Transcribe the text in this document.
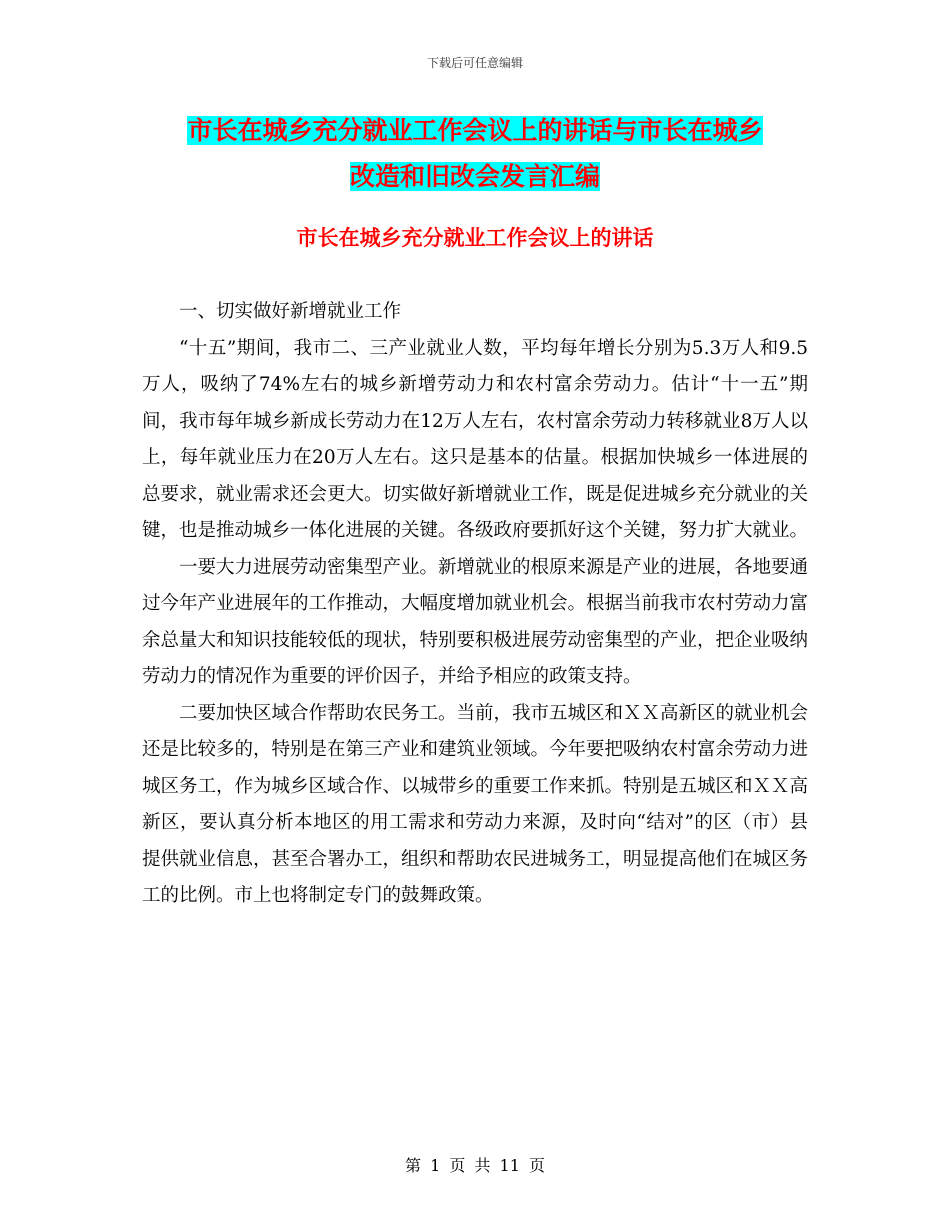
下载后可任意编辑
市长在城乡充分就业工作会议上的讲话与市长在城乡
改造和旧改会发言汇编
市长在城乡充分就业工作会议上的讲话

一、切实做好新增就业工作

“十五”期间，我市二、三产业就业人数，平均每年增长分别为5.3万人和9.5万人，吸纳了74%左右的城乡新增劳动力和农村富余劳动力。估计“十一五”期间，我市每年城乡新成长劳动力在12万人左右，农村富余劳动力转移就业8万人以上，每年就业压力在20万人左右。这只是基本的估量。根据加快城乡一体进展的总要求，就业需求还会更大。切实做好新增就业工作，既是促进城乡充分就业的关键，也是推动城乡一体化进展的关键。各级政府要抓好这个关键，努力扩大就业。

一要大力进展劳动密集型产业。新增就业的根原来源是产业的进展，各地要通过今年产业进展年的工作推动，大幅度增加就业机会。根据当前我市农村劳动力富余总量大和知识技能较低的现状，特别要积极进展劳动密集型的产业，把企业吸纳劳动力的情况作为重要的评价因子，并给予相应的政策支持。

二要加快区域合作帮助农民务工。当前，我市五城区和ＸＸ高新区的就业机会还是比较多的，特别是在第三产业和建筑业领域。今年要把吸纳农村富余劳动力进城区务工，作为城乡区域合作、以城带乡的重要工作来抓。特别是五城区和ＸＸ高新区，要认真分析本地区的用工需求和劳动力来源，及时向“结对”的区（市）县提供就业信息，甚至合署办工，组织和帮助农民进城务工，明显提高他们在城区务工的比例。市上也将制定专门的鼓舞政策。

第 1 页 共 11 页
